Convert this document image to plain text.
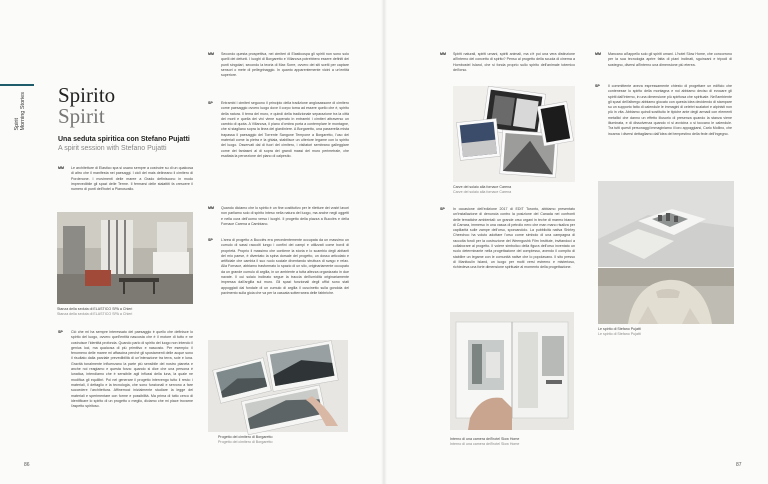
Spirit Morning Stories Spirito
Spirit
Una seduta spiritica con Stefano Pujatti
A spirit session with Stefano Pujatti
MM Le architetture di Elastico spa si usano sempre a costruire su di un qualcosa di altro che il manifesta nei paesaggi. I cicli del mais delineano il cimitero di Pordenone. I movimenti delle maree a Grado definiscono in modo imprevedibile gli spazi delle Terme. Il fermarsi delle stalattiti fa crescere il numero di punti dell'hotel a Pianosvallo.

Stanza della seduta di ELASTICO SPA a Chieri
Stanza della seduta di ELASTICO SPA a Chieri
SP Ciò che mi ha sempre interessato del paesaggio è quello che definisce lo spirito del luogo, ovvero quell'entità nascosta che è il motore di tutto e ne costruisce l'identità profonda. Quando parlo di spirito del luogo non intendo il genius loci, ma qualcosa di più primitivo e nascosto. Per esempio: il fenomeno delle maree mi affascina perché gli spostamenti delle acque sono il risultato dalla parziale prevedibilità di un'interazione tra terra, sole e luna. Gravità tonalmente influenzano la parte più sensibile del nostro pianeta e anche noi reagiamo e questa forza: quando si dice che una persona è lunatica, intendiamo che è sensibile agli influssi della luna, la quale ne modifica gli equilibri. Poi nel generare il progetto intervengo tutto il resto: i materiali, il dettaglio e la tecnologia, che sono funzionali e servono a fare succedere l'architettura. Affinemoci inizialmente studiare la legge dei materiali e sperimentare con forme e possibilità. Ma prima di tutto cerco di identificare lo spirito di un progetto o meglio, diciamo che mi piace trovarne l'aspetto spiritoso.

MM Secondo questa prospettiva, nei cimiteri di Elasticospa gli spiriti non sono solo quelli dei defunti. I luoghi di Borgaretto e Villanova potrebbero essere definiti dei punti singolari, secondo la teoria di Max Sorre, ovvero dei siti scelti per captare sensori o mete di pellegrinaggio. In quanto apparentemente vicini a un'entità superiore.

SP Entrambi i cimiteri seguono il principio della tradizione anglosassone di cimitero come paesaggio ovvero luogo dove il corpo torna ad essere quello che è, spirito della natura. Il tema del muro, e quindi della tradizionale separazione tra la città dei morti e quella dei vivi viene superato in entrambi i cimiteri attraverso un cambio di quota. A Villanova, il piano d'ombra porta a contemplare le montagne, che si stagliano sopra la linea del giardiniere. A Borgaretto, una passerella mista trapassa il paesaggio del Torrente Sangone Tempone a Borgaretto, l'uso dei materiali come la pietra e la ghiaia, stabilisce un ulteriore legame con lo spirito del luogo. Osservati dal di fuori del cimitero, i visitatori sembrano galleggiare come dei fantasmi al di sopra dei grandi massi del muro perimetrale, che esaltata la percezione del piano di calpestio.

MM Quando diciamo che lo spirito è un fine costitutivo per le riletture dei vostri lavori non parliamo solo di spirito inteso nella natura del luogo, ma anche negli oggetti e nella cura dell'uomo verso i luoghi. Il progetto della piazza a Bucciès e della Fornace Carena a Cambiano.

SP L'area di progetto a Bucciès era precedentemente occupata da un massimo un cumulo di sassi raccolti lungo i confini dei campi e utilizzati come bordi di proprietà. Proprio il massimo che contiene la storia e lo scambio degli abitanti del mio paese, è diventato la spina dorsale del progetto, un dosso articolato e artificiale che cambia il suo ruolo sociale diventando struttura di svago e relax. Alla Fornace, abbiamo trasformato lo spazio di un silo, originariamente occupato da un grande cumulo di argilla, in un ambiente a tutta altezza organizzato in due navate. Il cui solaio inclinato segue la traccia dell'umidità originariamente impressa dall'argilla sul muro. Gli spazi funzionali degli uffici sono stati appoggiati dal fondale di un cumulo di argilla il cuscinetto sulla gondola del pavimento sulla gioia che va per la cascata sotterranea delle fabbriche.

Progetto del cimitero di Borgaretto
Progetto del cimitero di Borgaretto
86
MM Spiriti naturali, spiriti umani, spiriti animali, ma c'è poi una vera distinzione all'interno del concetto di spirito? Penso al progetto della scuola di cinema a Hornbostel Island, che si fonda proprio sullo spirito dell'animale totemico dell'orso.

Carve del solaio alla fornace Carena
Carve del solaio alla fornace Carena
SP In occasione dell'edizione 2017 di EDIT Toronto, abbiamo presentato un'installazione di denuncia contro la posizione del Canada nei confronti delle tematiche ambientali: un grande orso organi in teche di marmo bianco di Carrara, immerso in una vasca di petrolio nero che man mano risaliva per capillarità sulle zampe dell'orso, sporcandolo. La pubblicità nativa Shirley Cheechoo ha voluto adottare l'orso come simbolo di una campagna di raccolta fondi per la costruzione del Weengushk Film Institute, invitandoci a collaborare al progetto. Il volere simbolico della figura dell'orso inventato un ruolo determinante nella progettazione del complesso, avendo il compito di stabilire un legame con le comunità native che lo popolavano. Il sito presso di Manitoulin Island, un luogo per molti versi estremo e misterioso, richiedeva una forte dimensione spirituale al momento della progettazione.

Interno di una camera dell'hotel Slow Home
Interno di una camera dell'hotel Slow Home
MM Mancano all'appello solo gli spiriti umani. L'hotel Slow Home, che concorrono per la sua tecnologia aprire fatta di piani inclinati, sguinzani e tripodi di sostegno, diversi all'interno una dimensione più eterea.

SP Il committente aveva espressamente chiesto di progettare un edificio che contenesse lo spirito della montagna e noi abbiamo deciso di evocare gli spiriti dall'interno, in una dimensione più spiritosa che spirituale. Nell'ambiente gli spazi dell'albergo abbiamo giocato con questa idea decidendo di stampare su un supporto fatto di calendule le immagini di celebri scalatori e alpinisti non più in vita. Abbiamo quindi sostituito le tipiche ante degli armadi con elementi metallici che danno un effetto illusorio di presenza quando la stanza viene illuminata, e di dissolvenza quando vi si avvicina o si toccano le calendule. Tra tutti questi personaggi immaginiamo il loro appoggiarsi, Carlo Mollino, che incarna i diversi dettagliamo dall'idea del tempestino della fede dell'ingegno.

Le spirito di Stefano Pujatti
Le spirito di Stefano Pujatti
87
